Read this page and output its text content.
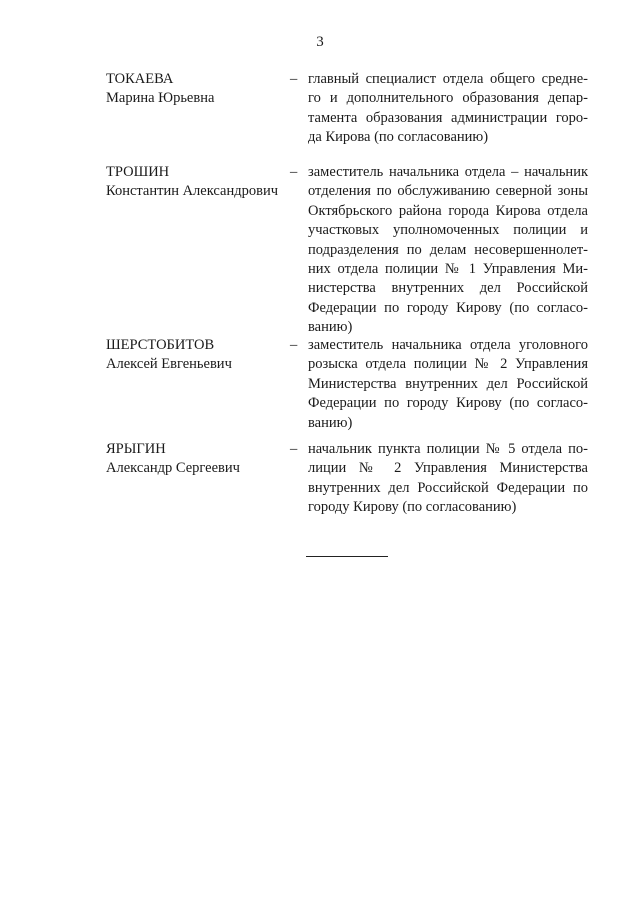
3
ТОКАЕВА
Марина Юрьевна
– главный специалист отдела общего средне-
го и дополнительного образования депар-
тамента образования администрации горо-
да Кирова (по согласованию)
ТРОШИН
Константин Александрович
– заместитель начальника отдела – начальник
отделения по обслуживанию северной зоны
Октябрьского района города Кирова отдела
участковых уполномоченных полиции и
подразделения по делам несовершеннолет-
них отдела полиции № 1 Управления Ми-
нистерства внутренних дел Российской
Федерации по городу Кирову (по согласо-
ванию)
ШЕРСТОБИТОВ
Алексей Евгеньевич
– заместитель начальника отдела уголовного
розыска отдела полиции № 2 Управления
Министерства внутренних дел Российской
Федерации по городу Кирову (по согласо-
ванию)
ЯРЫГИН
Александр Сергеевич
– начальник пункта полиции № 5 отдела по-
лиции № 2 Управления Министерства
внутренних дел Российской Федерации по
городу Кирову (по согласованию)
